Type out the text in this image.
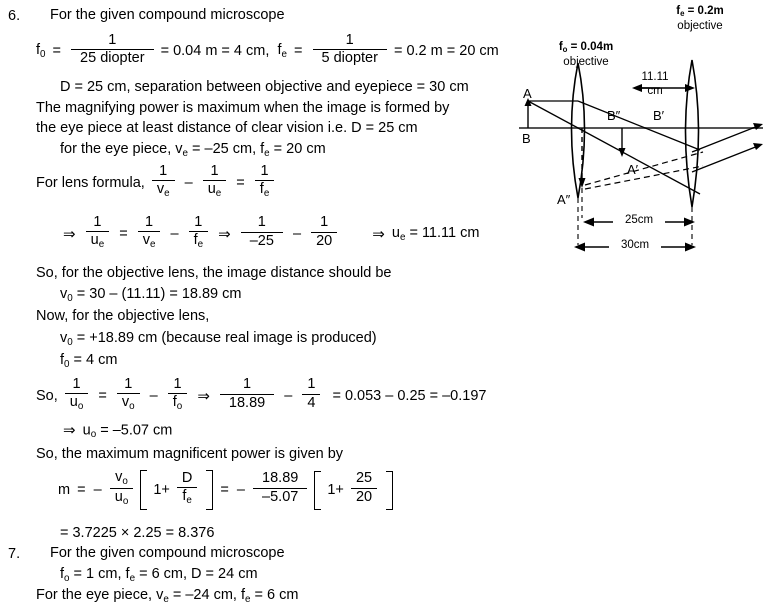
6. For the given compound microscope
$f_0 = \frac{1}{\text{25 diopter}} = 0.04$ m = 4 cm, $f_e = \frac{1}{\text{5 diopter}} = 0.2$ m = 20 cm
D = 25 cm, separation between objective and eyepiece = 30 cm
The magnifying power is maximum when the image is formed by
the eye piece at least distance of clear vision i.e. D = 25 cm
for the eye piece, $v_e = -25$ cm, $f_e = 20$ cm
For lens formula, $\frac{1}{v_e} - \frac{1}{u_e} = \frac{1}{f_e}$
⇒ $\frac{1}{u_e} = \frac{1}{v_e} - \frac{1}{f_e}$ ⇒ $\frac{1}{-25} - \frac{1}{20}$ ⇒ $u_e = 11.11$ cm
So, for the objective lens, the image distance should be
$v_0 = 30 - (11.11) = 18.89$ cm
Now, for the objective lens,
$v_0 = +18.89$ cm (because real image is produced)
$f_0 = 4$ cm
So, $\frac{1}{u_o} = \frac{1}{v_o} - \frac{1}{f_o}$ ⇒ $\frac{1}{18.89} - \frac{1}{4} = 0.053 - 0.25 = -0.197$
⇒ $u_o = -5.07$ cm
So, the maximum magnificent power is given by
m = – $\frac{v_o}{u_o} 1+ \frac{D}{f_e}$ = – $\frac{18.89}{-5.07} 1+ \frac{25}{20}$
= 3.7225 × 2.25 = 8.376
7. For the given compound microscope
$f_o = 1$ cm, $f_e = 6$ cm, D = 24 cm
For the eye piece, $v_e = -24$ cm, $f_e = 6$ cm
$f_o = 0.04m$
objective
$f_e = 0.2m$
objective
11.11
cm
A
B
B″	B′
A′
A″
25cm
30cm
